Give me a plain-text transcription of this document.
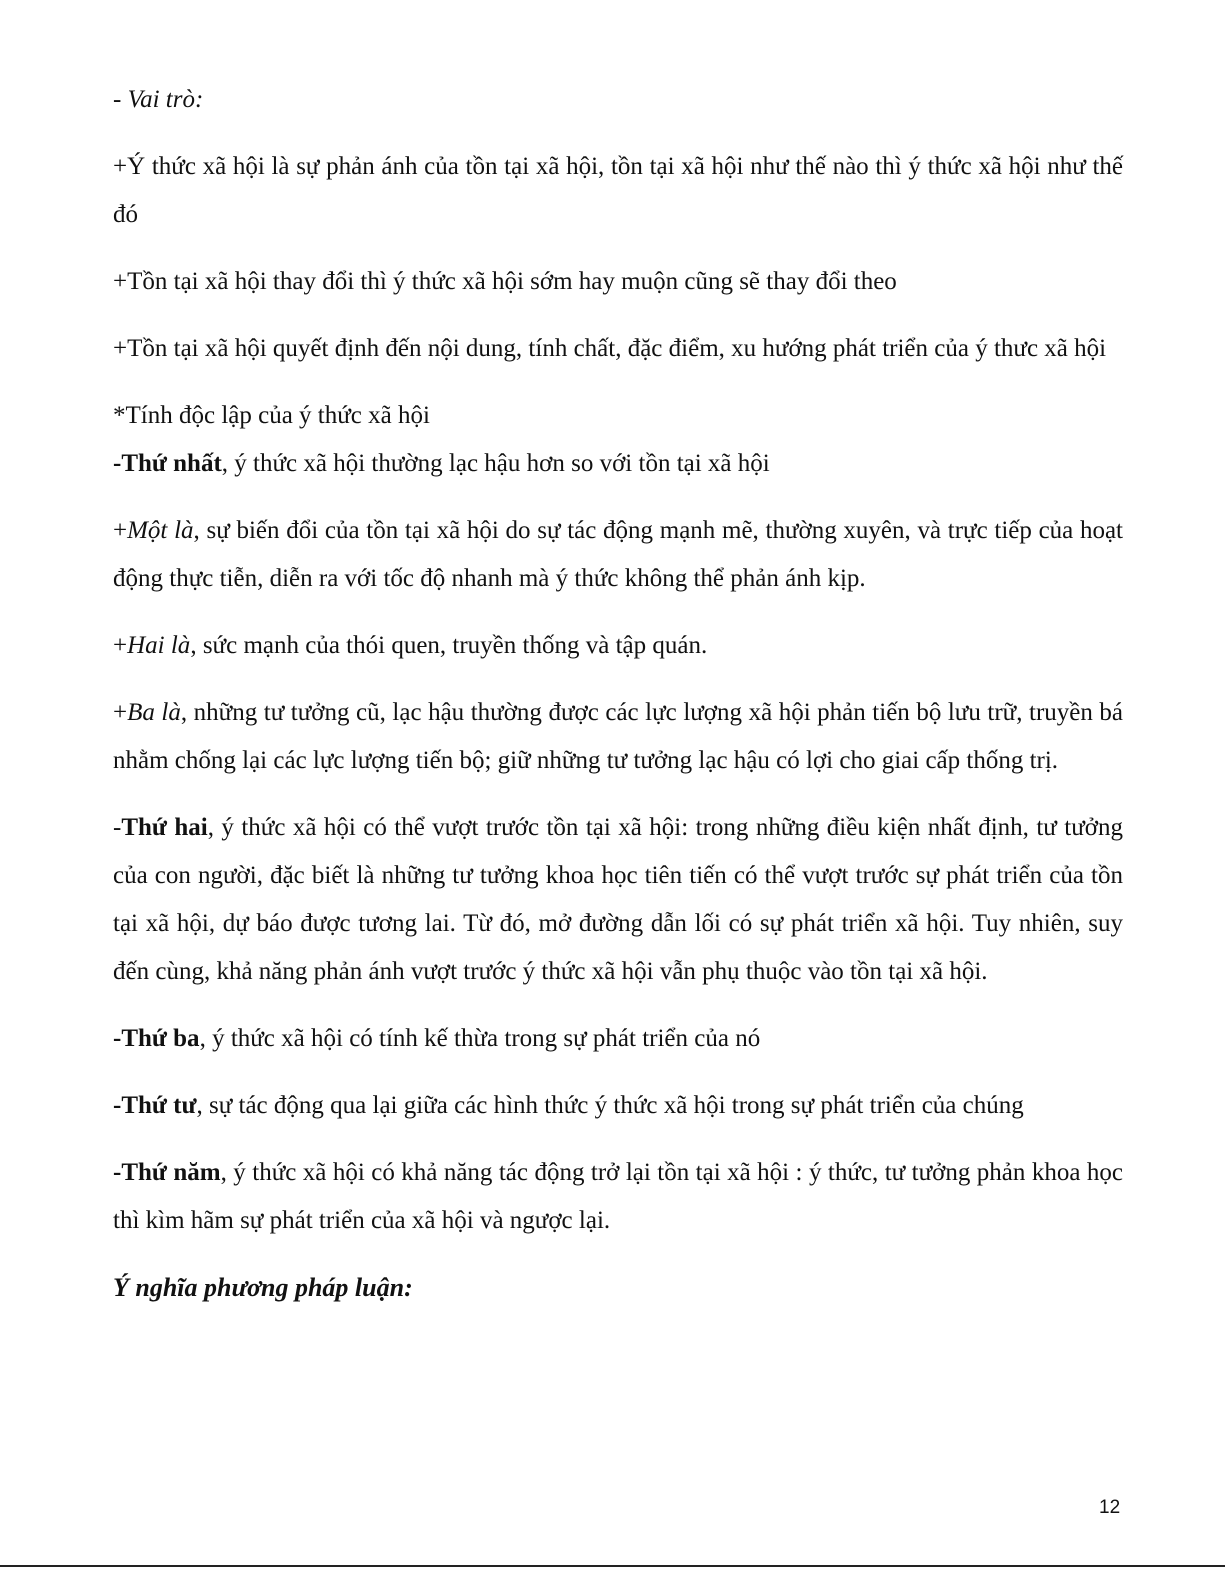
- Vai trò:

+Ý thức xã hội là sự phản ánh của tồn tại xã hội, tồn tại xã hội như thế nào thì ý thức xã hội như thế đó

+Tồn tại xã hội thay đổi thì ý thức xã hội sớm hay muộn cũng sẽ thay đổi theo

+Tồn tại xã hội quyết định đến nội dung, tính chất, đặc điểm, xu hướng phát triển của ý thưc xã hội

*Tính độc lập của ý thức xã hội

-Thứ nhất, ý thức xã hội thường lạc hậu hơn so với tồn tại xã hội

+Một là, sự biến đổi của tồn tại xã hội do sự tác động mạnh mẽ, thường xuyên, và trực tiếp của hoạt động thực tiễn, diễn ra với tốc độ nhanh mà ý thức không thể phản ánh kịp.

+Hai là, sức mạnh của thói quen, truyền thống và tập quán.

+Ba là, những tư tưởng cũ, lạc hậu thường được các lực lượng xã hội phản tiến bộ lưu trữ, truyền bá nhằm chống lại các lực lượng tiến bộ; giữ những tư tưởng lạc hậu có lợi cho giai cấp thống trị.

-Thứ hai, ý thức xã hội có thể vượt trước tồn tại xã hội: trong những điều kiện nhất định, tư tưởng của con người, đặc biết là những tư tưởng khoa học tiên tiến có thể vượt trước sự phát triển của tồn tại xã hội, dự báo được tương lai. Từ đó, mở đường dẫn lối có sự phát triển xã hội. Tuy nhiên, suy đến cùng, khả năng phản ánh vượt trước ý thức xã hội vẫn phụ thuộc vào tồn tại xã hội.

-Thứ ba, ý thức xã hội có tính kế thừa trong sự phát triển của nó

-Thứ tư, sự tác động qua lại giữa các hình thức ý thức xã hội trong sự phát triển của chúng

-Thứ năm, ý thức xã hội có khả năng tác động trở lại tồn tại xã hội : ý thức, tư tưởng phản khoa học thì kìm hãm sự phát triển của xã hội và ngược lại.

Ý nghĩa phương pháp luận:

12
